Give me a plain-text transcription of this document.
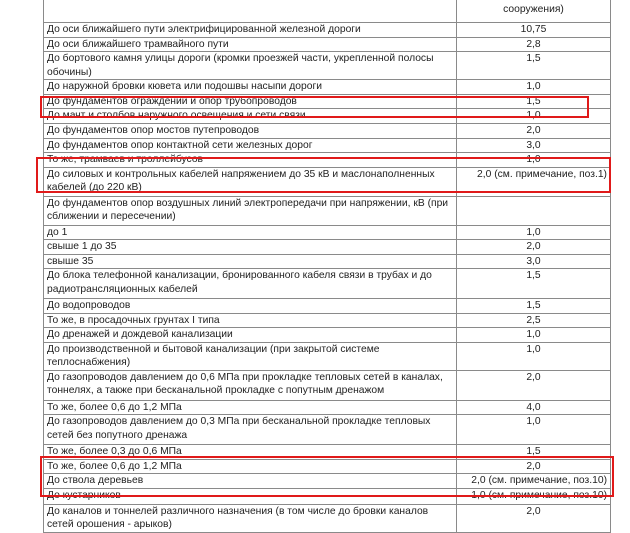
	сооружения)

До оси ближайшего пути электрифицированной железной дороги	10,75
До оси ближайшего трамвайного пути	2,8
До бортового камня улицы дороги (кромки проезжей части, укрепленной полосы обочины)	1,5
До наружной бровки кювета или подошвы насыпи дороги	1,0
До фундаментов ограждений и опор трубопроводов	1,5
До мачт и столбов наружного освещения и сети связи	1,0
До фундаментов опор мостов путепроводов	2,0
До фундаментов опор контактной сети железных дорог	3,0
То же, трамваев и троллейбусов	1,0
До силовых и контрольных кабелей напряжением до 35 кВ и маслонаполненных кабелей (до 220 кВ)	2,0 (см. примечание, поз.1)
До фундаментов опор воздушных линий электропередачи при напряжении, кВ (при сближении и пересечении)	
до 1	1,0
свыше 1 до 35	2,0
свыше 35	3,0
До блока телефонной канализации, бронированного кабеля связи в трубах и до радиотрансляционных кабелей	1,5
До водопроводов	1,5
То же, в просадочных грунтах I типа	2,5
До дренажей и дождевой канализации	1,0
До производственной и бытовой канализации (при закрытой системе теплоснабжения)	1,0
До газопроводов давлением до 0,6 МПа при прокладке тепловых сетей в каналах, тоннелях, а также при бесканальной прокладке с попутным дренажом	2,0
То же, более 0,6 до 1,2 МПа	4,0
До газопроводов давлением до 0,3 МПа при бесканальной прокладке тепловых сетей без попутного дренажа	1,0
То же, более 0,3 до 0,6 МПа	1,5
То же, более 0,6 до 1,2 МПа	2,0
До ствола деревьев	2,0 (см. примечание, поз.10)
До кустарников	1,0 (см. примечание, поз.10)
До каналов и тоннелей различного назначения (в том числе до бровки каналов сетей орошения - арыков)	2,0
